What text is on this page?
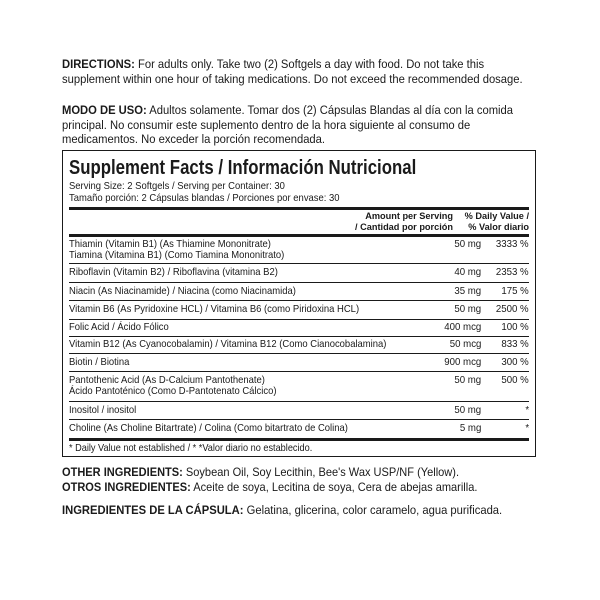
DIRECTIONS: For adults only. Take two (2) Softgels a day with food. Do not take this supplement within one hour of taking medications. Do not exceed the recommended dosage.
MODO DE USO: Adultos solamente. Tomar dos (2) Cápsulas Blandas al día con la comida principal. No consumir este suplemento dentro de la hora siguiente al consumo de medicamentos. No exceder la porción recomendada.
Supplement Facts / Información Nutricional
Serving Size: 2 Softgels / Serving per Container: 30
Tamaño porción: 2 Cápsulas blandas / Porciones por envase: 30
Amount per Serving
/ Cantidad por porción
% Daily Value /
% Valor diario
Thiamin (Vitamin B1) (As Thiamine Mononitrate)
Tiamina (Vitamina B1) (Como Tiamina Mononitrato)
50 mg 3333 %
Riboflavin (Vitamin B2) / Riboflavina (vitamina B2)	40 mg 2353 %
Niacin (As Niacinamide) / Niacina (como Niacinamida)	35 mg 175 %
Vitamin B6 (As Pyridoxine HCL) / Vitamina B6 (como Piridoxina HCL)	50 mg 2500 %
Folic Acid / Ácido Fólico	400 mcg 100 %
Vitamin B12 (As Cyanocobalamin) / Vitamina B12 (Como Cianocobalamina)	50 mcg 833 %
Biotin / Biotina	900 mcg 300 %
Pantothenic Acid (As D-Calcium Pantothenate)
Ácido Pantoténico (Como D-Pantotenato Cálcico)
50 mg 500 %
Inositol / inositol	50 mg	*
Choline (As Choline Bitartrate) / Colina (Como bitartrato de Colina)	5 mg	*
* Daily Value not established / * *Valor diario no establecido.
OTHER INGREDIENTS: Soybean Oil, Soy Lecithin, Bee's Wax USP/NF (Yellow).
OTROS INGREDIENTES: Aceite de soya, Lecitina de soya, Cera de abejas amarilla.
INGREDIENTES DE LA CÁPSULA: Gelatina, glicerina, color caramelo, agua purificada.
